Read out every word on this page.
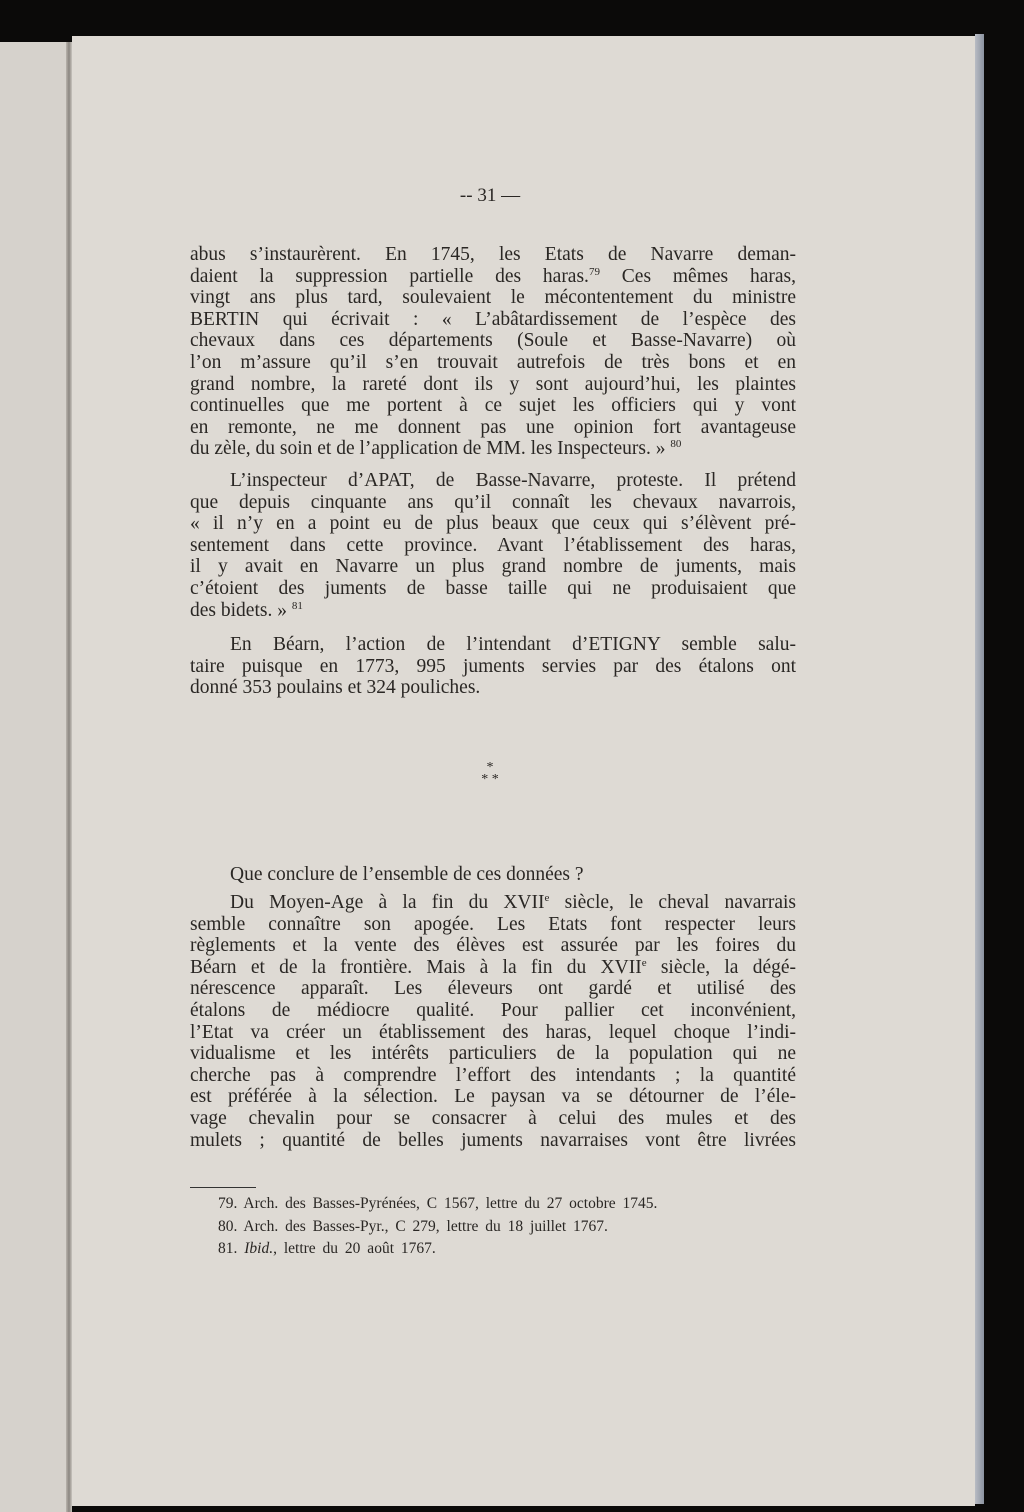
-- 31 —
abus s’instaurèrent. En 1745, les Etats de Navarre deman-
daient la suppression partielle des haras.$^{79}$ Ces mêmes haras,
vingt ans plus tard, soulevaient le mécontentement du ministre
BERTIN qui écrivait : « L’abâtardissement de l’espèce des
chevaux dans ces départements (Soule et Basse-Navarre) où
l’on m’assure qu’il s’en trouvait autrefois de très bons et en
grand nombre, la rareté dont ils y sont aujourd’hui, les plaintes
continuelles que me portent à ce sujet les officiers qui y vont
en remonte, ne me donnent pas une opinion fort avantageuse
du zèle, du soin et de l’application de MM. les Inspecteurs. » $^{80}$
L’inspecteur d’APAT, de Basse-Navarre, proteste. Il prétend
que depuis cinquante ans qu’il connaît les chevaux navarrois,
« il n’y en a point eu de plus beaux que ceux qui s’élèvent pré-
sentement dans cette province. Avant l’établissement des haras,
il y avait en Navarre un plus grand nombre de juments, mais
c’étoient des juments de basse taille qui ne produisaient que
des bidets. » $^{81}$
En Béarn, l’action de l’intendant d’ETIGNY semble salu-
taire puisque en 1773, 995 juments servies par des étalons ont
donné 353 poulains et 324 pouliches.
Que conclure de l’ensemble de ces données ?
Du Moyen-Age à la fin du XVIIe siècle, le cheval navarrais
semble connaître son apogée. Les Etats font respecter leurs
règlements et la vente des élèves est assurée par les foires du
Béarn et de la frontière. Mais à la fin du XVIIe siècle, la dégé-
nérescence apparaît. Les éleveurs ont gardé et utilisé des
étalons de médiocre qualité. Pour pallier cet inconvénient,
l’Etat va créer un établissement des haras, lequel choque l’indi-
vidualisme et les intérêts particuliers de la population qui ne
cherche pas à comprendre l’effort des intendants ; la quantité
est préférée à la sélection. Le paysan va se détourner de l’éle-
vage chevalin pour se consacrer à celui des mules et des
mulets ; quantité de belles juments navarraises vont être livrées
*
* *
79. Arch. des Basses-Pyrénées, C 1567, lettre du 27 octobre 1745.
80. Arch. des Basses-Pyr., C 279, lettre du 18 juillet 1767.
81. Ibid., lettre du 20 août 1767.
